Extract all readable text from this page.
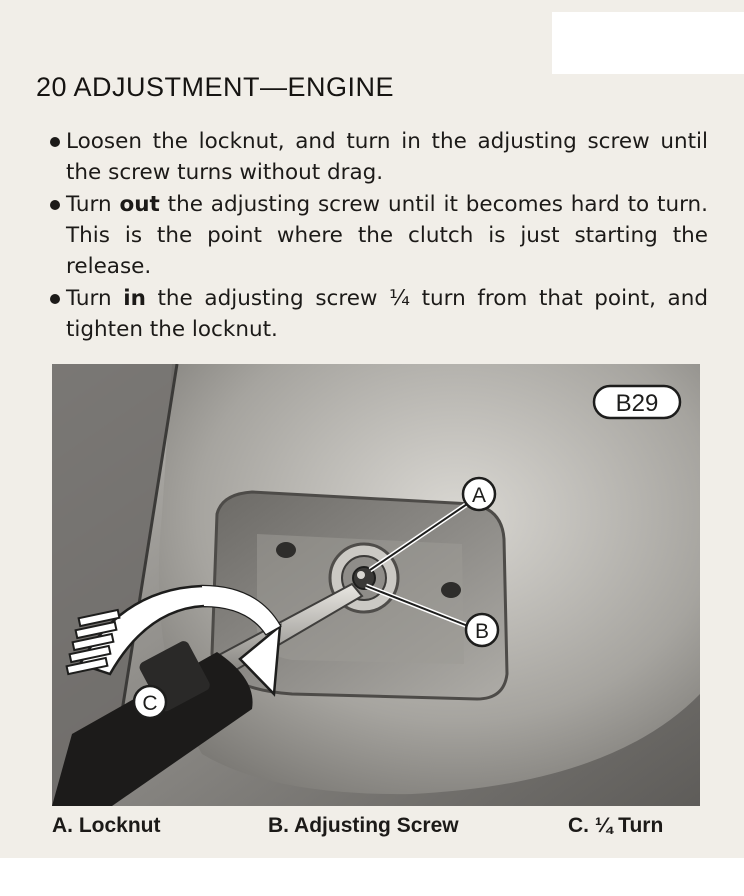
20 ADJUSTMENT—ENGINE
Loosen the locknut, and turn in the adjusting screw until the screw turns without drag.
Turn out the adjusting screw until it becomes hard to turn. This is the point where the clutch is just starting the release.
Turn in the adjusting screw ¼ turn from that point, and tighten the locknut.
A
B
C
B29
A. Locknut	B. Adjusting Screw	C. ¼ Turn
